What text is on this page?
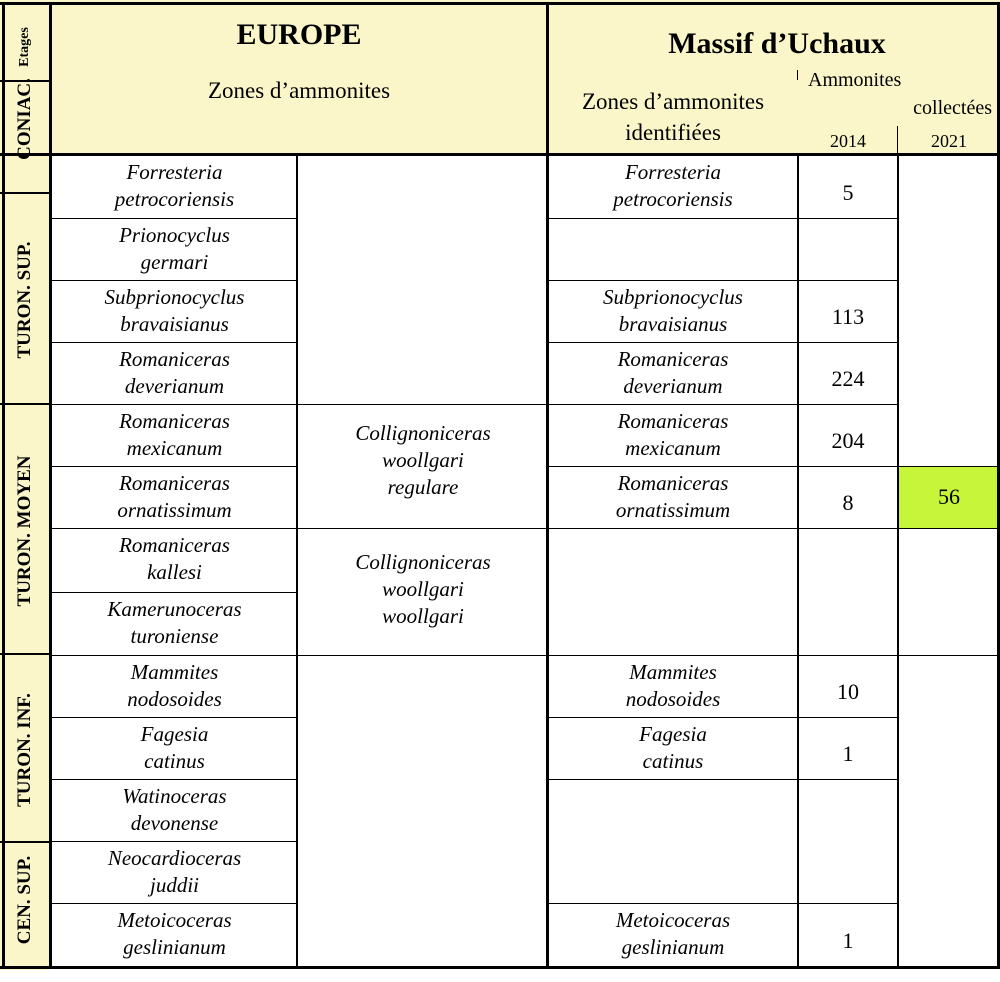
EUROPE
Zones d’ammonites
Massif d’Uchaux
Zones d’ammonites
identifiées
Ammonites
collectées
2014	2021
Etages
CONIAC.
TURON. SUP.
TURON. MOYEN
TURON. INF.
CEN. SUP.
Forresteria
petrocoriensis
Prionocyclus
germari
Subprionocyclus
bravaisianus
Romaniceras
deverianum
Romaniceras
mexicanum
Romaniceras
ornatissimum
Romaniceras
kallesi
Kamerunoceras
turoniense
Mammites
nodosoides
Fagesia
catinus
Watinoceras
devonense
Neocardioceras
juddii
Metoicoceras
geslinianum
Forresteria
petrocoriensis
Subprionocyclus
bravaisianus
Romaniceras
deverianum
Romaniceras
mexicanum
Romaniceras
ornatissimum
Mammites
nodosoides
Fagesia
catinus
Metoicoceras
geslinianum
5
113
224
204
8
10
1
1
Collignoniceras
woollgari
regulare
Collignoniceras
woollgari
woollgari
56
